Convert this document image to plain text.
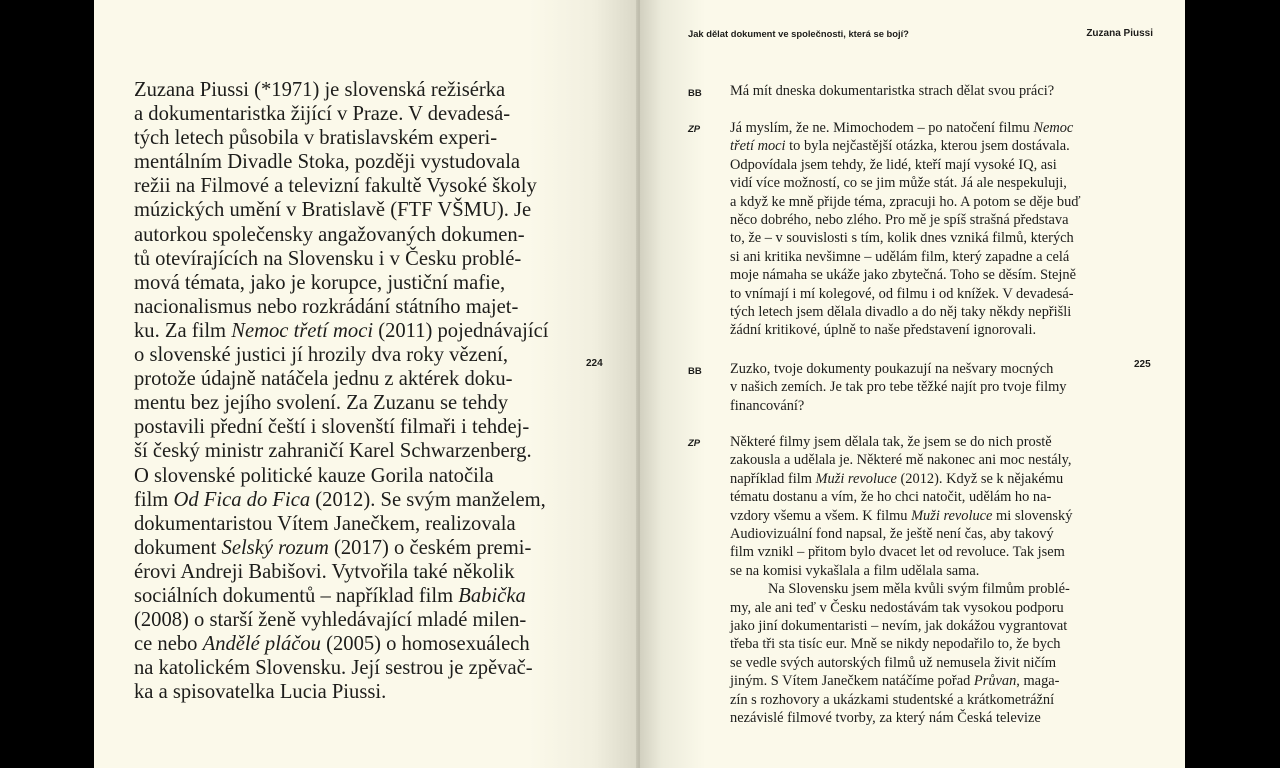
Zuzana Piussi (*1971) je slovenská režisérka
a dokumentaristka žijící v Praze. V devadesá-
tých letech působila v bratislavském experi-
mentálním Divadle Stoka, později vystudovala
režii na Filmové a televizní fakultě Vysoké školy
múzických umění v Bratislavě (FTF VŠMU). Je
autorkou společensky angažovaných dokumen-
tů otevírajících na Slovensku i v Česku problé-
mová témata, jako je korupce, justiční mafie,
nacionalismus nebo rozkrádání státního majet-
ku. Za film Nemoc třetí moci (2011) pojednávající
o slovenské justici jí hrozily dva roky vězení,
protože údajně natáčela jednu z aktérek doku-
mentu bez jejího svolení. Za Zuzanu se tehdy
postavili přední čeští i slovenští filmaři i tehdej-
ší český ministr zahraničí Karel Schwarzenberg.
O slovenské politické kauze Gorila natočila
film Od Fica do Fica (2012). Se svým manželem,
dokumentaristou Vítem Janečkem, realizovala
dokument Selský rozum (2017) o českém premi-
érovi Andreji Babišovi. Vytvořila také několik
sociálních dokumentů – například film Babička
(2008) o starší ženě vyhledávající mladé milen-
ce nebo Andělé pláčou (2005) o homosexuálech
na katolickém Slovensku. Její sestrou je zpěvač-
ka a spisovatelka Lucia Piussi.

224
Jak dělat dokument ve společnosti, která se bojí?	Zuzana Piussi
225
BB Má mít dneska dokumentaristka strach dělat svou práci?
ZP Já myslím, že ne. Mimochodem – po natočení filmu Nemoc
třetí moci to byla nejčastější otázka, kterou jsem dostávala.
Odpovídala jsem tehdy, že lidé, kteří mají vysoké IQ, asi
vidí více možností, co se jim může stát. Já ale nespekuluji,
a když ke mně přijde téma, zpracuji ho. A potom se děje buď
něco dobrého, nebo zlého. Pro mě je spíš strašná představa
to, že – v souvislosti s tím, kolik dnes vzniká filmů, kterých
si ani kritika nevšimne – udělám film, který zapadne a celá
moje námaha se ukáže jako zbytečná. Toho se děsím. Stejně
to vnímají i mí kolegové, od filmu i od knížek. V devadesá-
tých letech jsem dělala divadlo a do něj taky někdy nepřišli
žádní kritikové, úplně to naše představení ignorovali.
BB Zuzko, tvoje dokumenty poukazují na nešvary mocných
v našich zemích. Je tak pro tebe těžké najít pro tvoje filmy
financování?
ZP Některé filmy jsem dělala tak, že jsem se do nich prostě
zakousla a udělala je. Některé mě nakonec ani moc nestály,
například film Muži revoluce (2012). Když se k nějakému
tématu dostanu a vím, že ho chci natočit, udělám ho na-
vzdory všemu a všem. K filmu Muži revoluce mi slovenský
Audiovizuální fond napsal, že ještě není čas, aby takový
film vznikl – přitom bylo dvacet let od revoluce. Tak jsem
se na komisi vykašlala a film udělala sama.
Na Slovensku jsem měla kvůli svým filmům problé-
my, ale ani teď v Česku nedostávám tak vysokou podporu
jako jiní dokumentaristi – nevím, jak dokážou vygrantovat
třeba tři sta tisíc eur. Mně se nikdy nepodařilo to, že bych
se vedle svých autorských filmů už nemusela živit ničím
jiným. S Vítem Janečkem natáčíme pořad Průvan, maga-
zín s rozhovory a ukázkami studentské a krátkometrážní
nezávislé filmové tvorby, za který nám Česká televize
